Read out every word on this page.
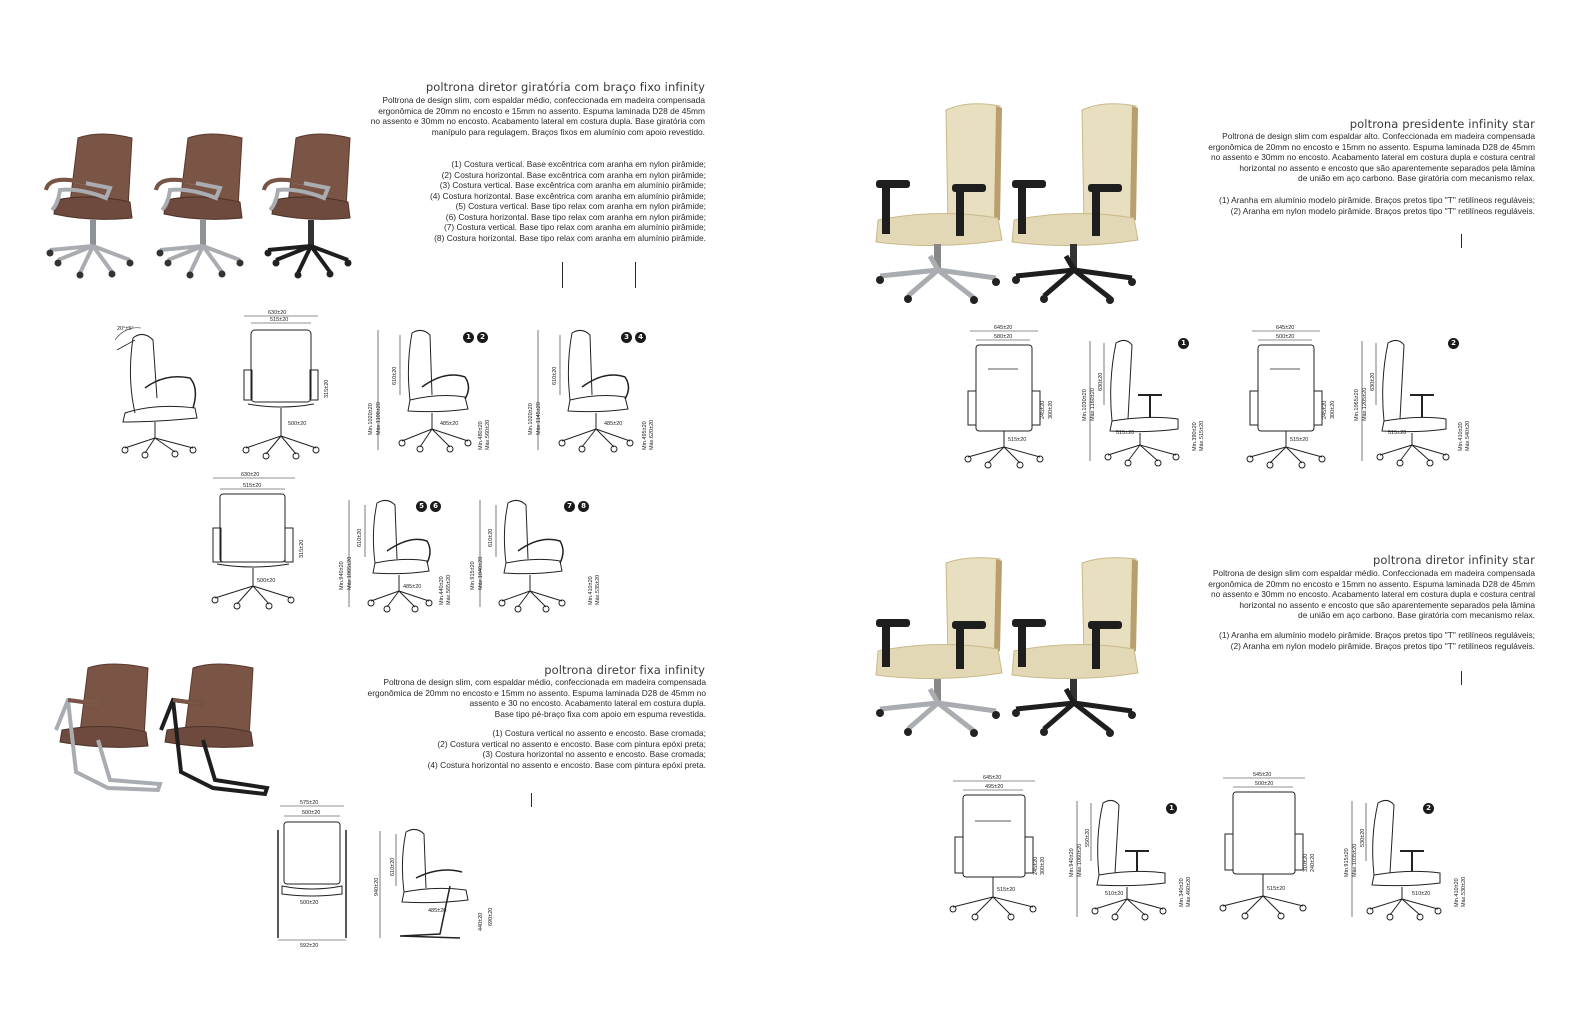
poltrona diretor giratória com braço fixo infinity
Poltrona de design slim, com espaldar médio, confeccionada em madeira compensada
ergonômica de 20mm no encosto e 15mm no assento. Espuma laminada D28 de 45mm
no assento e 30mm no encosto. Acabamento lateral em costura dupla. Base giratória com
manípulo para regulagem. Braços fixos em alumínio com apoio revestido.
(1) Costura vertical. Base excêntrica com aranha em nylon pirâmide;
(2) Costura horizontal. Base excêntrica com aranha em nylon pirâmide;
(3) Costura vertical. Base excêntrica com aranha em alumínio pirâmide;
(4) Costura horizontal. Base excêntrica com aranha em alumínio pirâmide;
(5) Costura vertical. Base tipo relax com aranha em nylon pirâmide;
(6) Costura horizontal. Base tipo relax com aranha em nylon pirâmide;
(7) Costura vertical. Base tipo relax com aranha em alumínio pirâmide;
(8) Costura horizontal. Base tipo relax com aranha em alumínio pirâmide.
20°±5°
630±20
515±20
500±20
315±20
1	2
Min.1020±20 Máx.1100±20
610±20
485±20	Min.480±20 Máx.560±20
3	4
Min.1020±20 Máx.1145±20
610±20
485±20	Min.495±20 Máx.620±20
630±20
515±20
500±20
315±20
5	6
Min.940±20 Máx.1065±20
610±20
485±20	Min.440±20 Máx.565±20
7	8
Min.915±20 Máx.1040±20
610±20
Min.410±20 Máx.535±20
poltrona diretor fixa infinity
Poltrona de design slim, com espaldar médio, confeccionada em madeira compensada
ergonômica de 20mm no encosto e 15mm no assento. Espuma laminada D28 de 45mm no
assento e 30 no encosto. Acabamento lateral em costura dupla.
Base tipo pé-braço fixa com apoio em espuma revestida.
(1) Costura vertical no assento e encosto. Base cromada;
(2) Costura vertical no assento e encosto. Base com pintura epóxi preta;
(3) Costura horizontal no assento e encosto. Base cromada;
(4) Costura horizontal no assento e encosto. Base com pintura epóxi preta.
575±20
500±20
500±20
592±20
940±20
610±20
485±20	690±20
440±20
poltrona presidente infinity star
Poltrona de design slim com espaldar alto. Confeccionada em madeira compensada
ergonômica de 20mm no encosto e 15mm no assento. Espuma laminada D28 de 45mm
no assento e 30mm no encosto. Acabamento lateral em costura dupla e costura central
horizontal no assento e encosto que são aparentemente separados pela lâmina
de união em aço carbono. Base giratória com mecanismo relax.
(1) Aranha em alumínio modelo pirâmide. Braços pretos tipo "T" retilíneos reguláveis;
(2) Aranha em nylon modelo pirâmide. Braços pretos tipo "T" retilíneos reguláveis.
645±20
580±20
515±20
245±20 300±20
1
Min.1030±20 Máx.1160±20
630±20
515±20	Min.390±20 Máx.515±20
645±20
500±20
515±20
245±20 300±20
2
Min.1065±20 Máx.1205±20
630±20
515±20	Min.410±20 Máx.540±20
poltrona diretor infinity star
Poltrona de design slim com espaldar médio. Confeccionada em madeira compensada
ergonômica de 20mm no encosto e 15mm no assento. Espuma laminada D28 de 45mm
no assento e 30mm no encosto. Acabamento lateral em costura dupla e costura central
horizontal no assento e encosto que são aparentemente separados pela lâmina
de união em aço carbono. Base giratória com mecanismo relax.
(1) Aranha em alumínio modelo pirâmide. Braços pretos tipo "T" retilíneos reguláveis;
(2) Aranha em nylon modelo pirâmide. Braços pretos tipo "T" retilíneos reguláveis.
645±20
495±20
515±20
245±20 300±20
1
Min.940±20 Máx.1060±20
550±20
510±20	Min.340±20 Máx.460±20
545±20
500±20
515±20
310±20 240±20
2
Min.915±20 Máx.1035±20
530±20
510±20	Min.410±20 Máx.530±20
